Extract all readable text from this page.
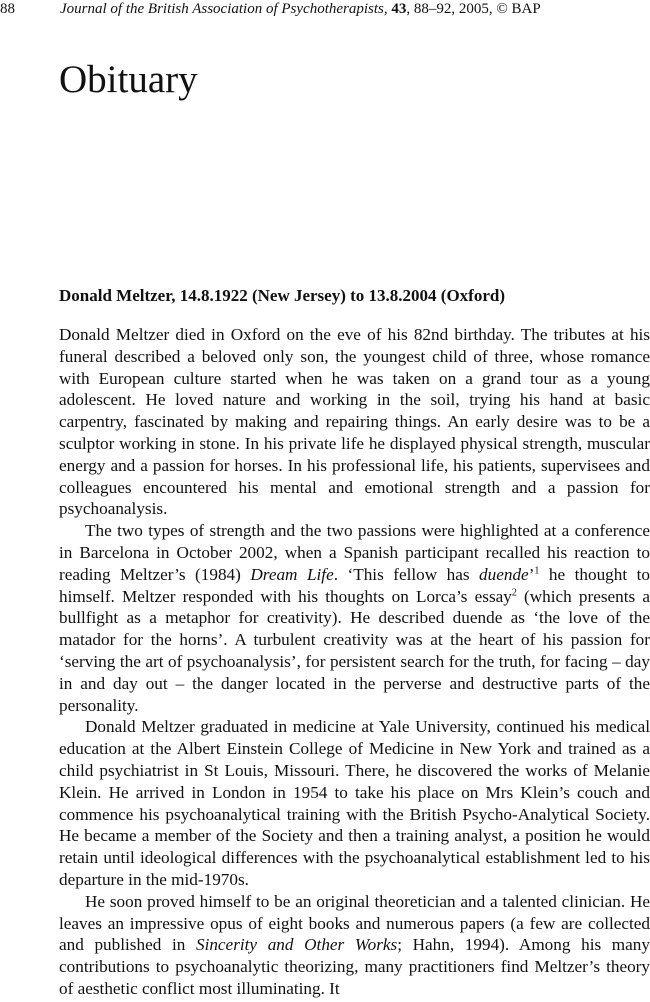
88	Journal of the British Association of Psychotherapists, 43, 88–92, 2005, © BAP
Obituary
Donald Meltzer, 14.8.1922 (New Jersey) to 13.8.2004 (Oxford)

Donald Meltzer died in Oxford on the eve of his 82nd birthday. The tributes at his funeral described a beloved only son, the youngest child of three, whose romance with European culture started when he was taken on a grand tour as a young adolescent. He loved nature and working in the soil, trying his hand at basic carpentry, fascinated by making and repairing things. An early desire was to be a sculptor working in stone. In his private life he displayed physical strength, muscular energy and a passion for horses. In his professional life, his patients, supervisees and colleagues encountered his mental and emotional strength and a passion for psychoanalysis.

The two types of strength and the two passions were highlighted at a conference in Barcelona in October 2002, when a Spanish participant recalled his reaction to reading Meltzer’s (1984) Dream Life. ‘This fellow has duende’$^1$ he thought to himself. Meltzer responded with his thoughts on Lorca’s essay$^2$ (which presents a bullfight as a metaphor for creativity). He described duende as ‘the love of the matador for the horns’. A turbulent creativity was at the heart of his passion for ‘serving the art of psychoanalysis’, for persistent search for the truth, for facing – day in and day out – the danger located in the perverse and destructive parts of the personality.

Donald Meltzer graduated in medicine at Yale University, continued his medical education at the Albert Einstein College of Medicine in New York and trained as a child psychiatrist in St Louis, Missouri. There, he discovered the works of Melanie Klein. He arrived in London in 1954 to take his place on Mrs Klein’s couch and commence his psychoanalytical training with the British Psycho-Analytical Society. He became a member of the Society and then a training analyst, a position he would retain until ideological differences with the psychoanalytical establishment led to his departure in the mid-1970s.

He soon proved himself to be an original theoretician and a talented clinician. He leaves an impressive opus of eight books and numerous papers (a few are collected and published in Sincerity and Other Works; Hahn, 1994). Among his many contributions to psychoanalytic theorizing, many practitioners find Meltzer’s theory of aesthetic conflict most illuminating. It
